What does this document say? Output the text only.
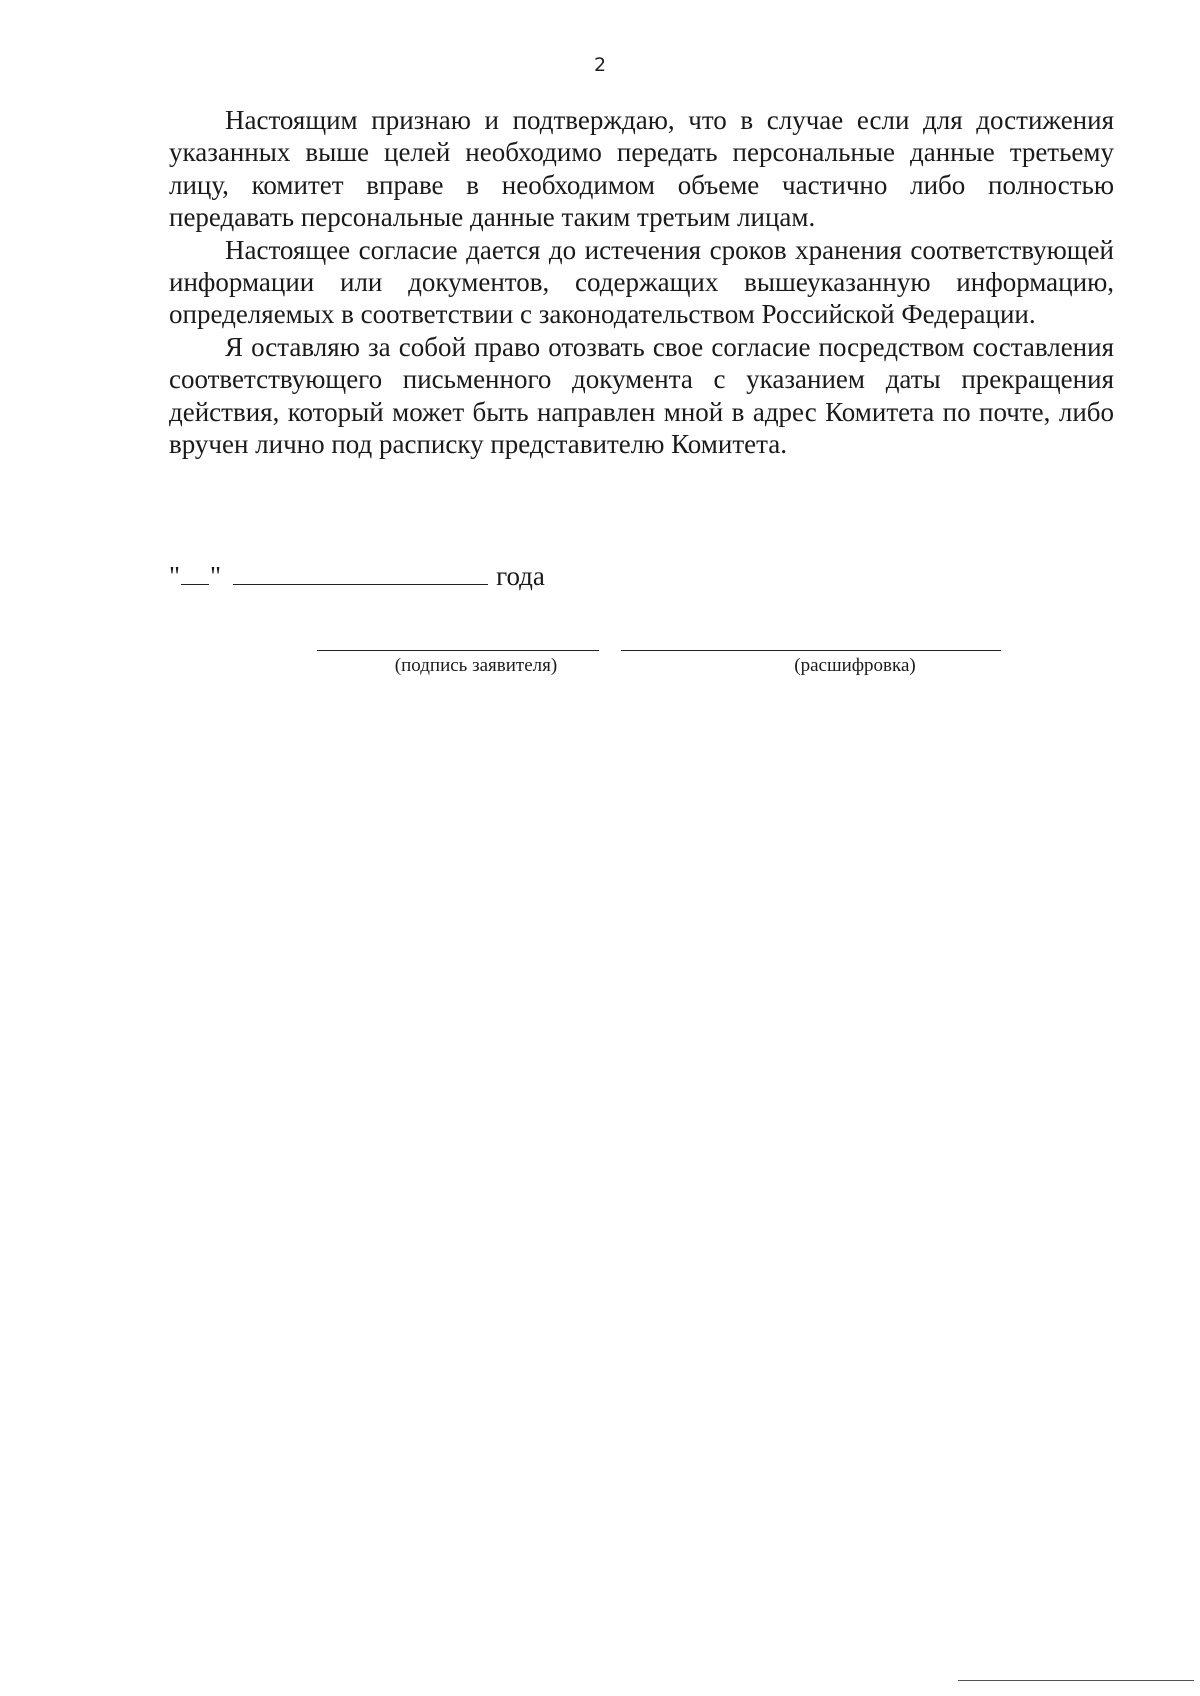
2

Настоящим признаю и подтверждаю, что в случае если для достижения указанных выше целей необходимо передать персональные данные третьему лицу, комитет вправе в необходимом объеме частично либо полностью передавать персональные данные таким третьим лицам.

Настоящее согласие дается до истечения сроков хранения соответствующей информации или документов, содержащих вышеуказанную информацию, определяемых в соответствии с законодательством Российской Федерации.

Я оставляю за собой право отозвать свое согласие посредством составления соответствующего письменного документа с указанием даты прекращения действия, который может быть направлен мной в адрес Комитета по почте, либо вручен лично под расписку представителю Комитета.

" "	года
(подпись заявителя)	(расшифровка)
